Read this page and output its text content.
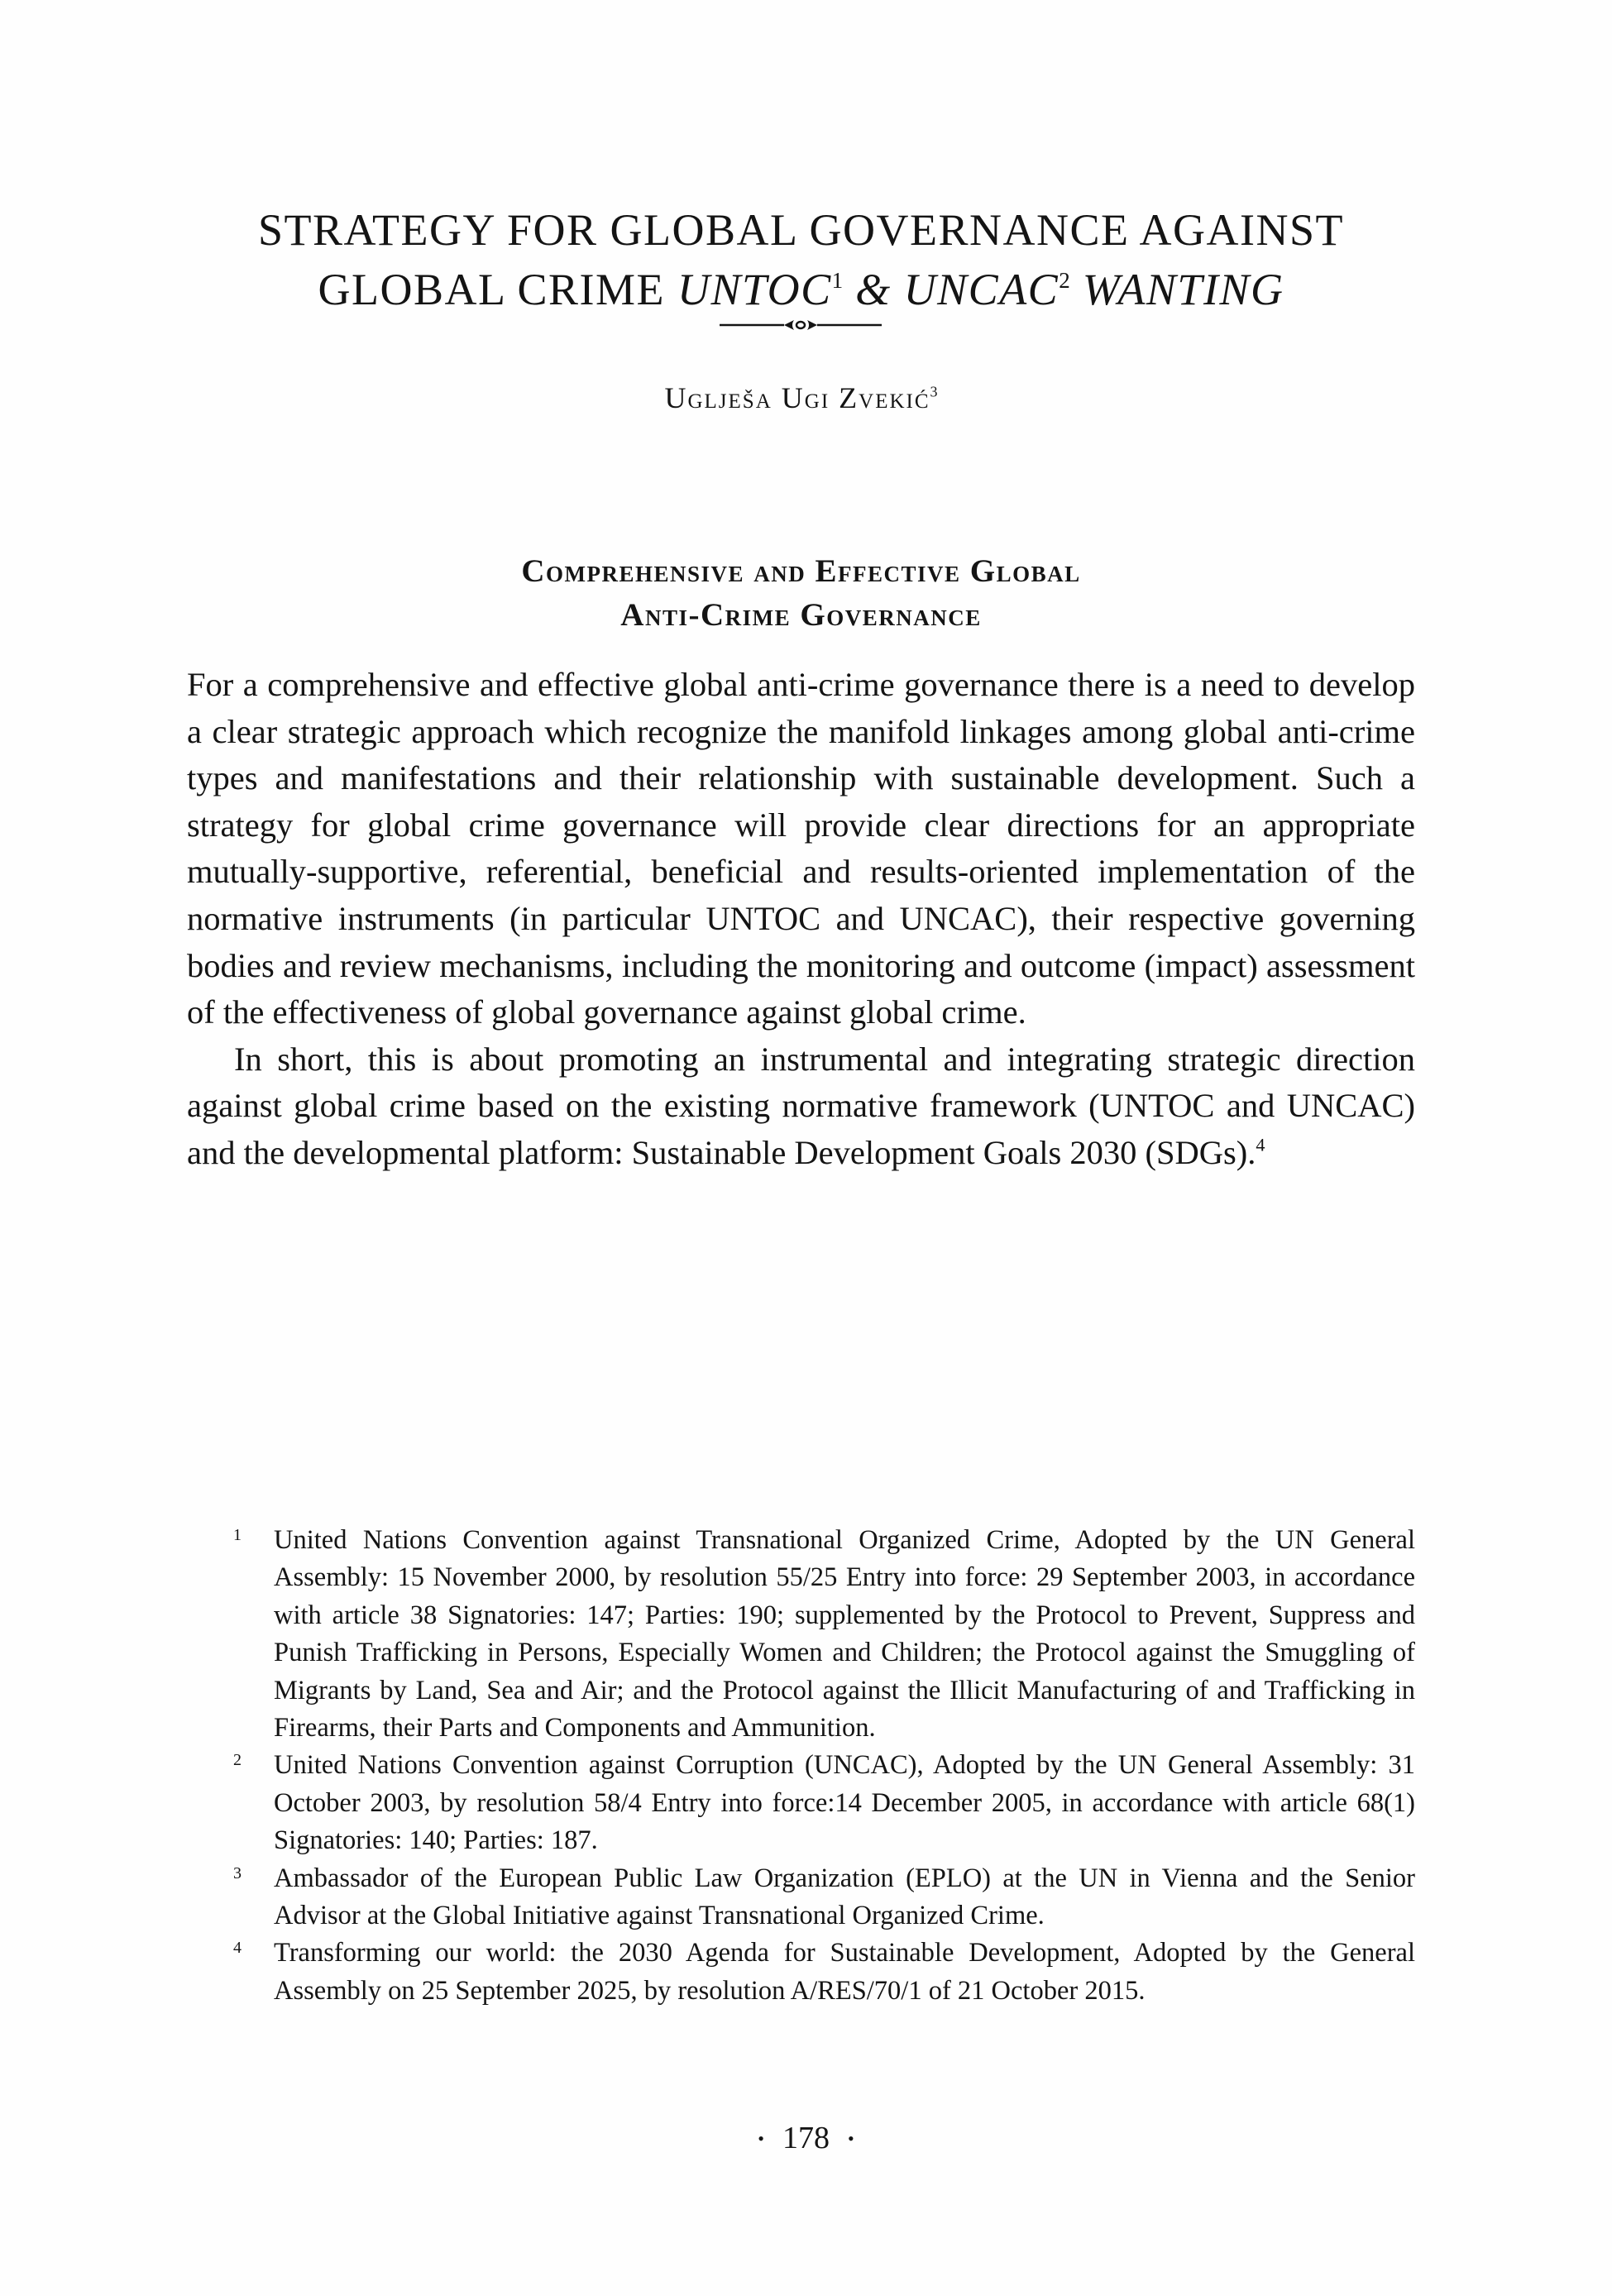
STRATEGY FOR GLOBAL GOVERNANCE AGAINST
GLOBAL CRIME UNTOC$^1$ & UNCAC$^2$ WANTING
Uglješa Ugi Zvekić$^3$
Comprehensive and Effective Global
Anti-Crime Governance

For a comprehensive and effective global anti-crime governance there is a need to develop a clear strategic approach which recognize the manifold linkages among global anti-crime types and manifestations and their relationship with sustainable development. Such a strategy for global crime governance will provide clear directions for an appropriate mutually-supportive, referential, beneficial and results-oriented implementation of the normative instruments (in particular UNTOC and UNCAC), their respective governing bodies and review mechanisms, including the monitoring and outcome (impact) assessment of the effectiveness of global governance against global crime.

In short, this is about promoting an instrumental and integrating strategic direction against global crime based on the existing normative framework (UNTOC and UNCAC) and the developmental platform: Sustainable Development Goals 2030 (SDGs).$^4$

1 United Nations Convention against Transnational Organized Crime, Adopted by the UN General Assembly: 15 November 2000, by resolution 55/25 Entry into force: 29 September 2003, in accordance with article 38 Signatories: 147; Parties: 190; supplemented by the Protocol to Prevent, Suppress and Punish Trafficking in Persons, Especially Women and Children; the Protocol against the Smuggling of Migrants by Land, Sea and Air; and the Protocol against the Illicit Manufacturing of and Trafficking in Firearms, their Parts and Components and Ammunition.
2 United Nations Convention against Corruption (UNCAC), Adopted by the UN General Assembly: 31 October 2003, by resolution 58/4 Entry into force:14 December 2005, in accordance with article 68(1) Signatories: 140; Parties: 187.
3 Ambassador of the European Public Law Organization (EPLO) at the UN in Vienna and the Senior Advisor at the Global Initiative against Transnational Organized Crime.
4 Transforming our world: the 2030 Agenda for Sustainable Development, Adopted by the General Assembly on 25 September 2025, by resolution A/RES/70/1 of 21 October 2015.
• 178 •
